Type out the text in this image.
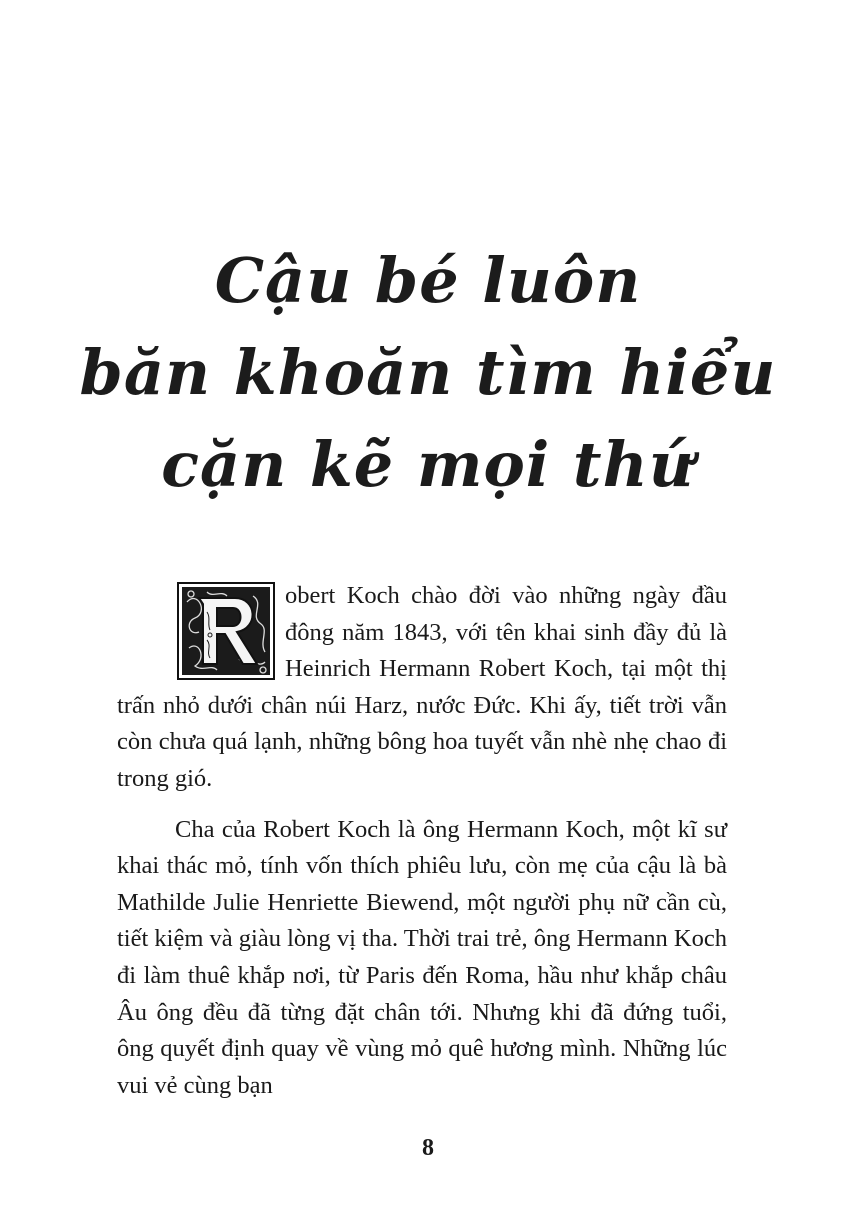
Cậu bé luôn
băn khoăn tìm hiểu
cặn kẽ mọi thứ

obert Koch chào đời vào những ngày đầu đông năm 1843, với tên khai sinh đầy đủ là Heinrich Hermann Robert Koch, tại một thị trấn nhỏ dưới chân núi Harz, nước Đức. Khi ấy, tiết trời vẫn còn chưa quá lạnh, những bông hoa tuyết vẫn nhè nhẹ chao đi trong gió.

Cha của Robert Koch là ông Hermann Koch, một kĩ sư khai thác mỏ, tính vốn thích phiêu lưu, còn mẹ của cậu là bà Mathilde Julie Henriette Biewend, một người phụ nữ cần cù, tiết kiệm và giàu lòng vị tha. Thời trai trẻ, ông Hermann Koch đi làm thuê khắp nơi, từ Paris đến Roma, hầu như khắp châu Âu ông đều đã từng đặt chân tới. Nhưng khi đã đứng tuổi, ông quyết định quay về vùng mỏ quê hương mình. Những lúc vui vẻ cùng bạn

8
